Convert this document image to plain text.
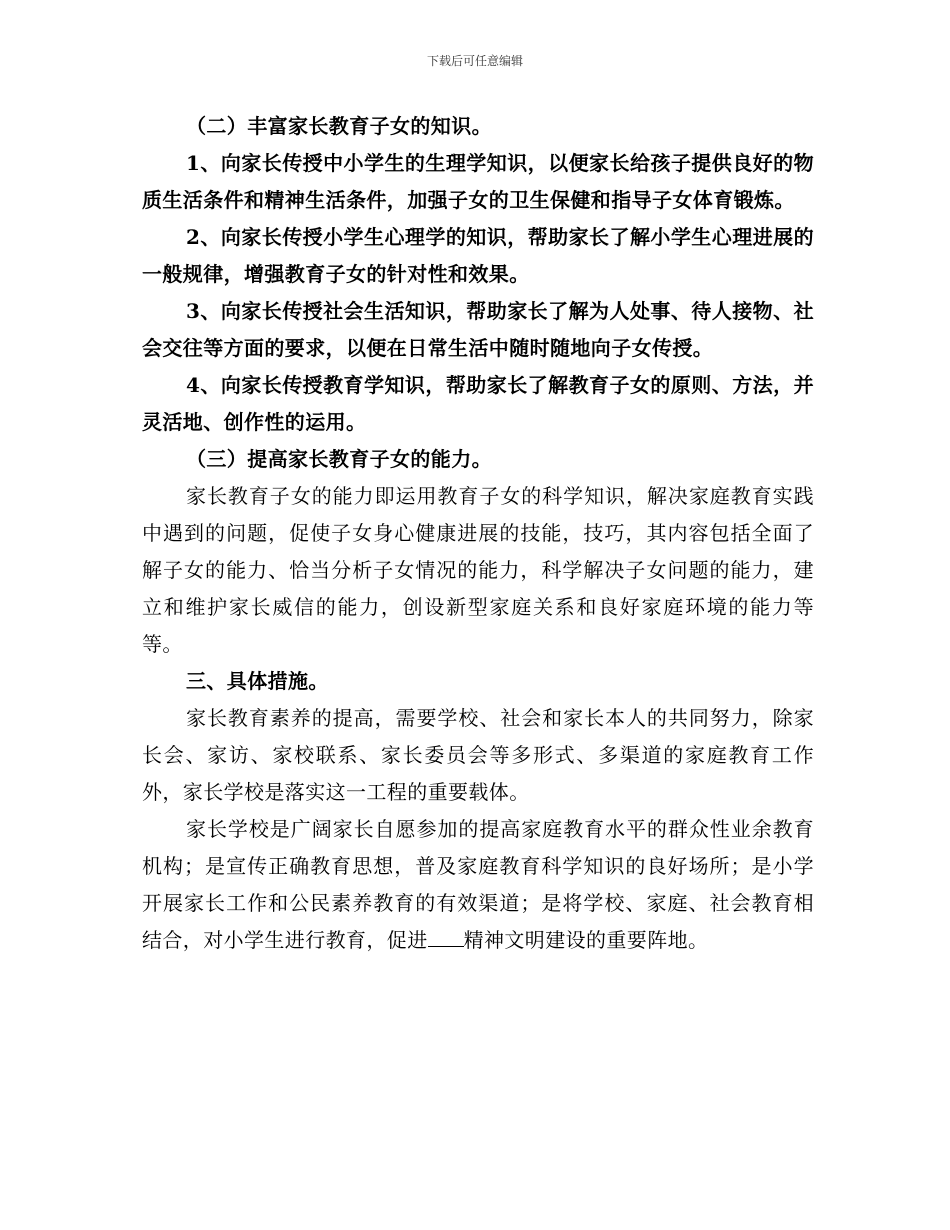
下载后可任意编辑

（二）丰富家长教育子女的知识。

1、向家长传授中小学生的生理学知识，以便家长给孩子提供良好的物质生活条件和精神生活条件，加强子女的卫生保健和指导子女体育锻炼。

2、向家长传授小学生心理学的知识，帮助家长了解小学生心理进展的一般规律，增强教育子女的针对性和效果。

3、向家长传授社会生活知识，帮助家长了解为人处事、待人接物、社会交往等方面的要求，以便在日常生活中随时随地向子女传授。

4、向家长传授教育学知识，帮助家长了解教育子女的原则、方法，并灵活地、创作性的运用。

（三）提高家长教育子女的能力。

家长教育子女的能力即运用教育子女的科学知识，解决家庭教育实践中遇到的问题，促使子女身心健康进展的技能，技巧，其内容包括全面了解子女的能力、恰当分析子女情况的能力，科学解决子女问题的能力，建立和维护家长威信的能力，创设新型家庭关系和良好家庭环境的能力等等。

三、具体措施。

家长教育素养的提高，需要学校、社会和家长本人的共同努力，除家长会、家访、家校联系、家长委员会等多形式、多渠道的家庭教育工作外，家长学校是落实这一工程的重要载体。

家长学校是广阔家长自愿参加的提高家庭教育水平的群众性业余教育机构；是宣传正确教育思想，普及家庭教育科学知识的良好场所；是小学开展家长工作和公民素养教育的有效渠道；是将学校、家庭、社会教育相结合，对小学生进行教育，促进 精神文明建设的重要阵地。
